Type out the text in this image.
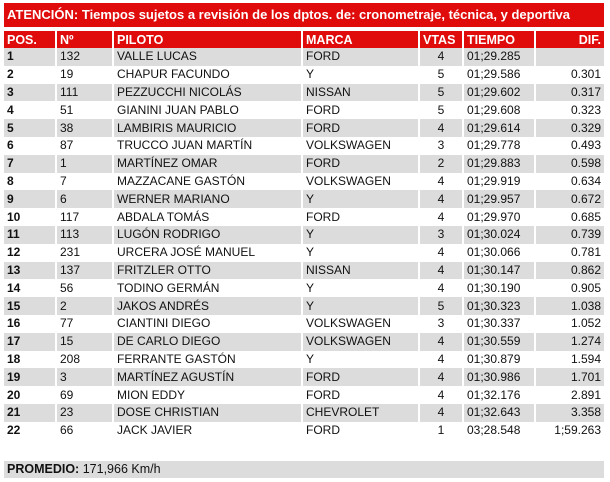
ATENCIÓN: Tiempos sujetos a revisión de los dptos. de: cronometraje, técnica, y deportiva
POS.	Nº	PILOTO	MARCA	VTAS	TIEMPO	DIF.
1	132	VALLE LUCAS	FORD	4	01;29.285	
2	19	CHAPUR FACUNDO	Y	5	01;29.586	0.301
3	111	PEZZUCCHI NICOLÁS	NISSAN	5	01;29.602	0.317
4	51	GIANINI JUAN PABLO	FORD	5	01;29.608	0.323
5	38	LAMBIRIS MAURICIO	FORD	4	01;29.614	0.329
6	87	TRUCCO JUAN MARTÍN	VOLKSWAGEN	3	01;29.778	0.493
7	1	MARTÍNEZ OMAR	FORD	2	01;29.883	0.598
8	7	MAZZACANE GASTÓN	VOLKSWAGEN	4	01;29.919	0.634
9	6	WERNER MARIANO	Y	4	01;29.957	0.672
10	117	ABDALA TOMÁS	FORD	4	01;29.970	0.685
11	113	LUGÓN RODRIGO	Y	3	01;30.024	0.739
12	231	URCERA JOSÉ MANUEL	Y	4	01;30.066	0.781
13	137	FRITZLER OTTO	NISSAN	4	01;30.147	0.862
14	56	TODINO GERMÁN	Y	4	01;30.190	0.905
15	2	JAKOS ANDRÉS	Y	5	01;30.323	1.038
16	77	CIANTINI DIEGO	VOLKSWAGEN	3	01;30.337	1.052
17	15	DE CARLO DIEGO	VOLKSWAGEN	4	01;30.559	1.274
18	208	FERRANTE GASTÓN	Y	4	01;30.879	1.594
19	3	MARTÍNEZ AGUSTÍN	FORD	4	01;30.986	1.701
20	69	MION EDDY	FORD	4	01;32.176	2.891
21	23	DOSE CHRISTIAN	CHEVROLET	4	01;32.643	3.358
22	66	JACK JAVIER	FORD	1	03;28.548	1;59.263
PROMEDIO: 171,966 Km/h
